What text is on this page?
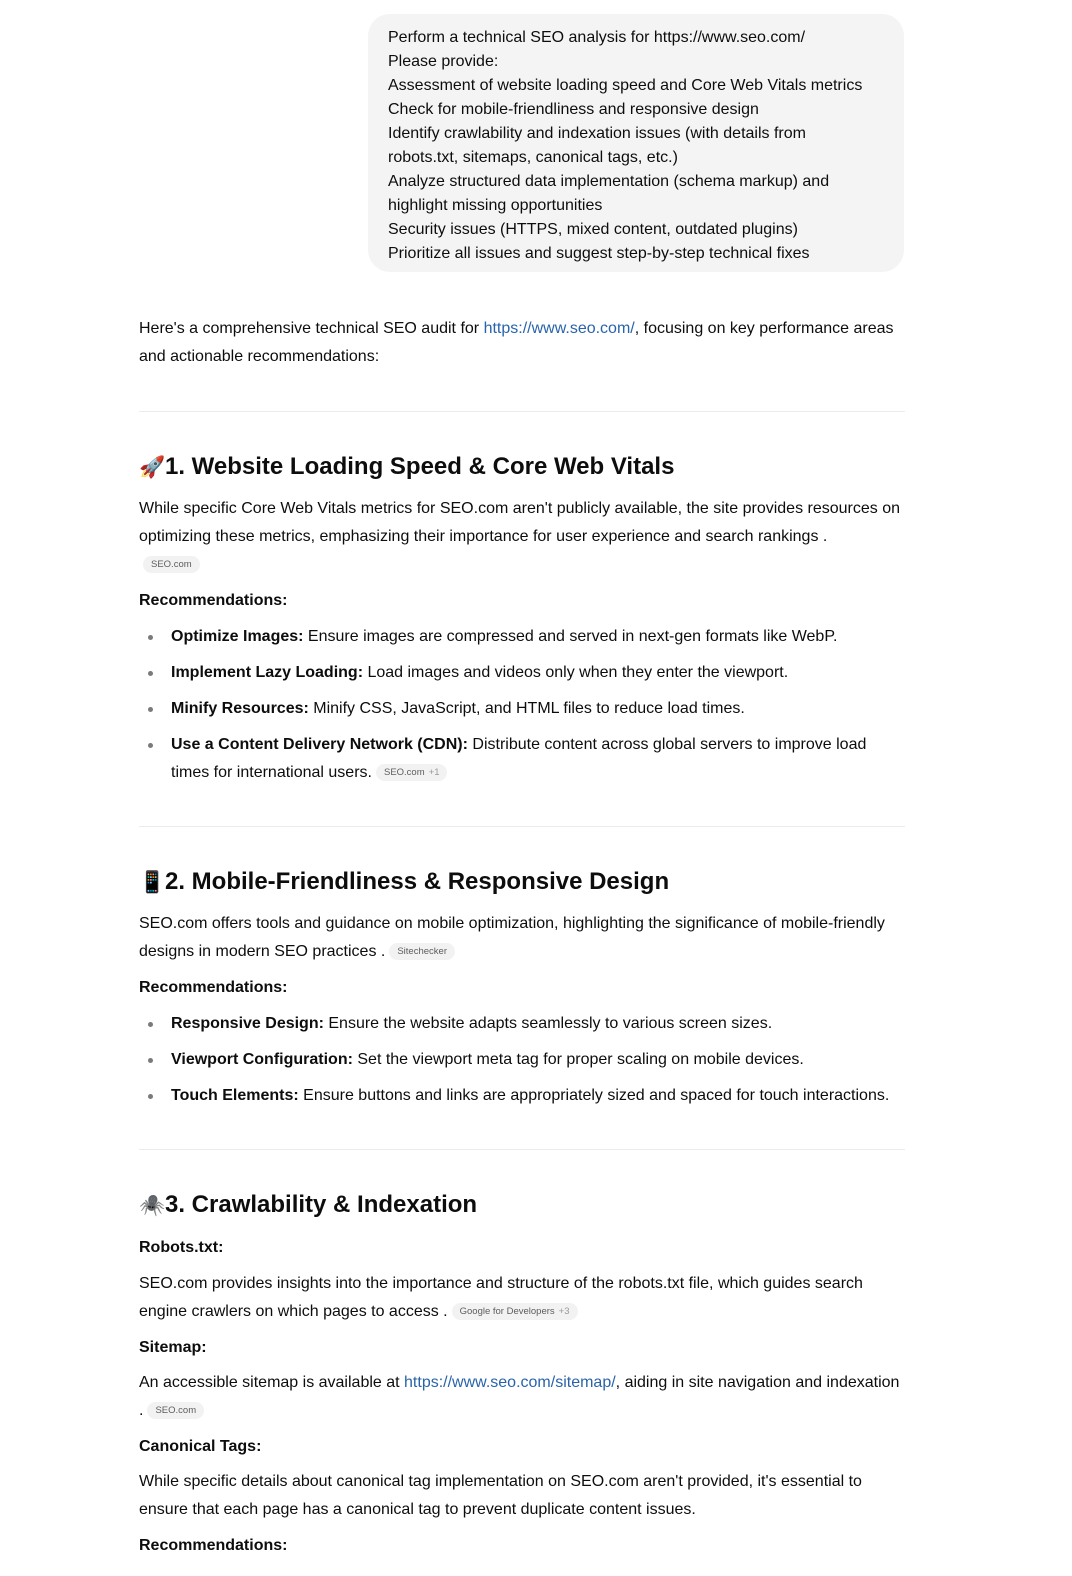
Perform a technical SEO analysis for https://www.seo.com/
Please provide:
Assessment of website loading speed and Core Web Vitals metrics
Check for mobile-friendliness and responsive design
Identify crawlability and indexation issues (with details from
robots.txt, sitemaps, canonical tags, etc.)
Analyze structured data implementation (schema markup) and
highlight missing opportunities
Security issues (HTTPS, mixed content, outdated plugins)
Prioritize all issues and suggest step-by-step technical fixes

Here's a comprehensive technical SEO audit for https://www.seo.com/, focusing on key performance areas and actionable recommendations:

🚀1. Website Loading Speed & Core Web Vitals

While specific Core Web Vitals metrics for SEO.com aren't publicly available, the site provides resources on optimizing these metrics, emphasizing their importance for user experience and search rankings .
SEO.com

Recommendations:

Optimize Images: Ensure images are compressed and served in next-gen formats like WebP.
Implement Lazy Loading: Load images and videos only when they enter the viewport.
Minify Resources: Minify CSS, JavaScript, and HTML files to reduce load times.
Use a Content Delivery Network (CDN): Distribute content across global servers to improve load times for international users. SEO.com +1
📱2. Mobile-Friendliness & Responsive Design

SEO.com offers tools and guidance on mobile optimization, highlighting the significance of mobile-friendly designs in modern SEO practices . Sitechecker

Recommendations:

Responsive Design: Ensure the website adapts seamlessly to various screen sizes.
Viewport Configuration: Set the viewport meta tag for proper scaling on mobile devices.
Touch Elements: Ensure buttons and links are appropriately sized and spaced for touch interactions.
🕷️3. Crawlability & Indexation

Robots.txt:

SEO.com provides insights into the importance and structure of the robots.txt file, which guides search engine crawlers on which pages to access . Google for Developers +3

Sitemap:

An accessible sitemap is available at https://www.seo.com/sitemap/, aiding in site navigation and indexation . SEO.com

Canonical Tags:

While specific details about canonical tag implementation on SEO.com aren't provided, it's essential to ensure that each page has a canonical tag to prevent duplicate content issues.

Recommendations:
